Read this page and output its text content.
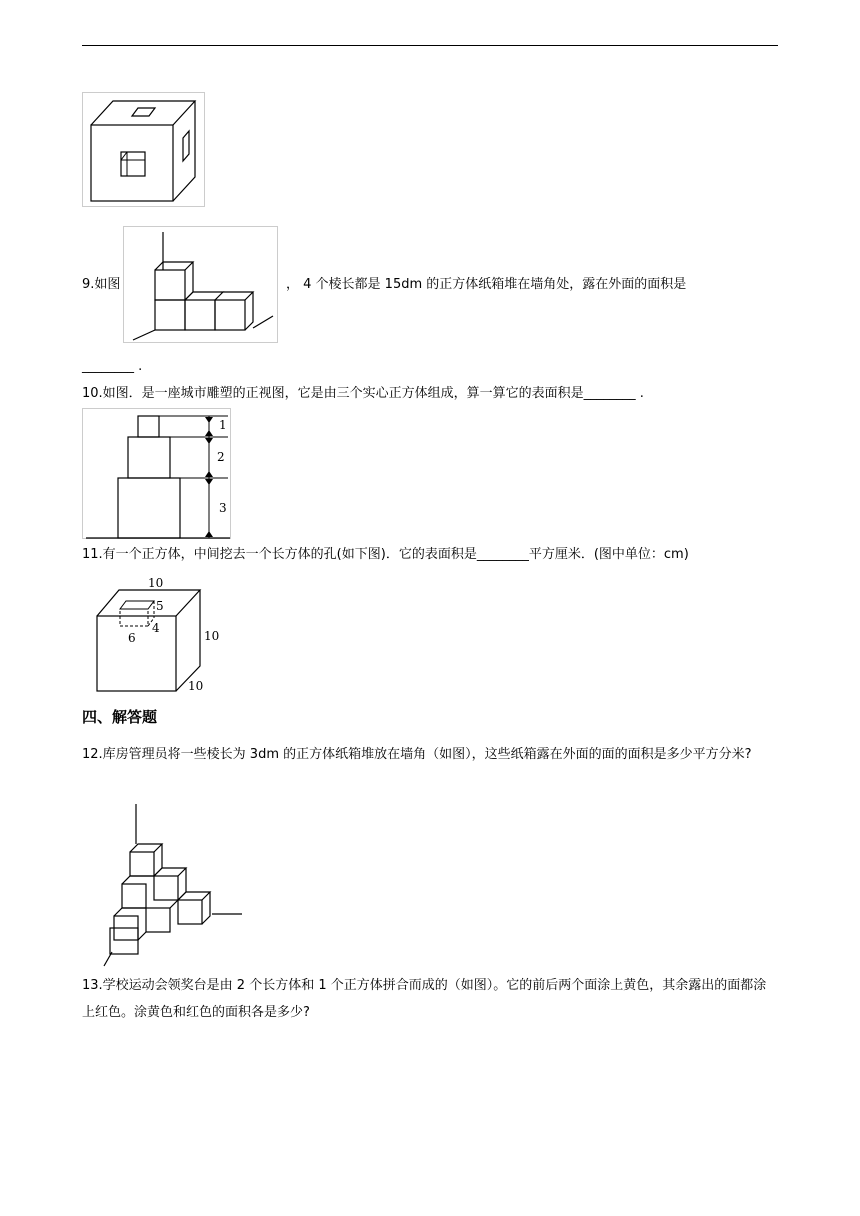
9.如图	， 4 个棱长都是 15dm 的正方体纸箱堆在墙角处，露在外面的面积是
________ .
10.如图．是一座城市雕塑的正视图，它是由三个实心正方体组成，算一算它的表面积是________ .
1
2
3
11.有一个正方体，中间挖去一个长方体的孔(如下图)．它的表面积是________平方厘米．(图中单位：cm)
10
5
4
6	10
10
四、解答题
12.库房管理员将一些棱长为 3dm 的正方体纸箱堆放在墙角（如图），这些纸箱露在外面的面的面积是多少平方分米?
13.学校运动会领奖台是由 2 个长方体和 1 个正方体拼合而成的（如图）。它的前后两个面涂上黄色，其余露出的面都涂上红色。涂黄色和红色的面积各是多少?
